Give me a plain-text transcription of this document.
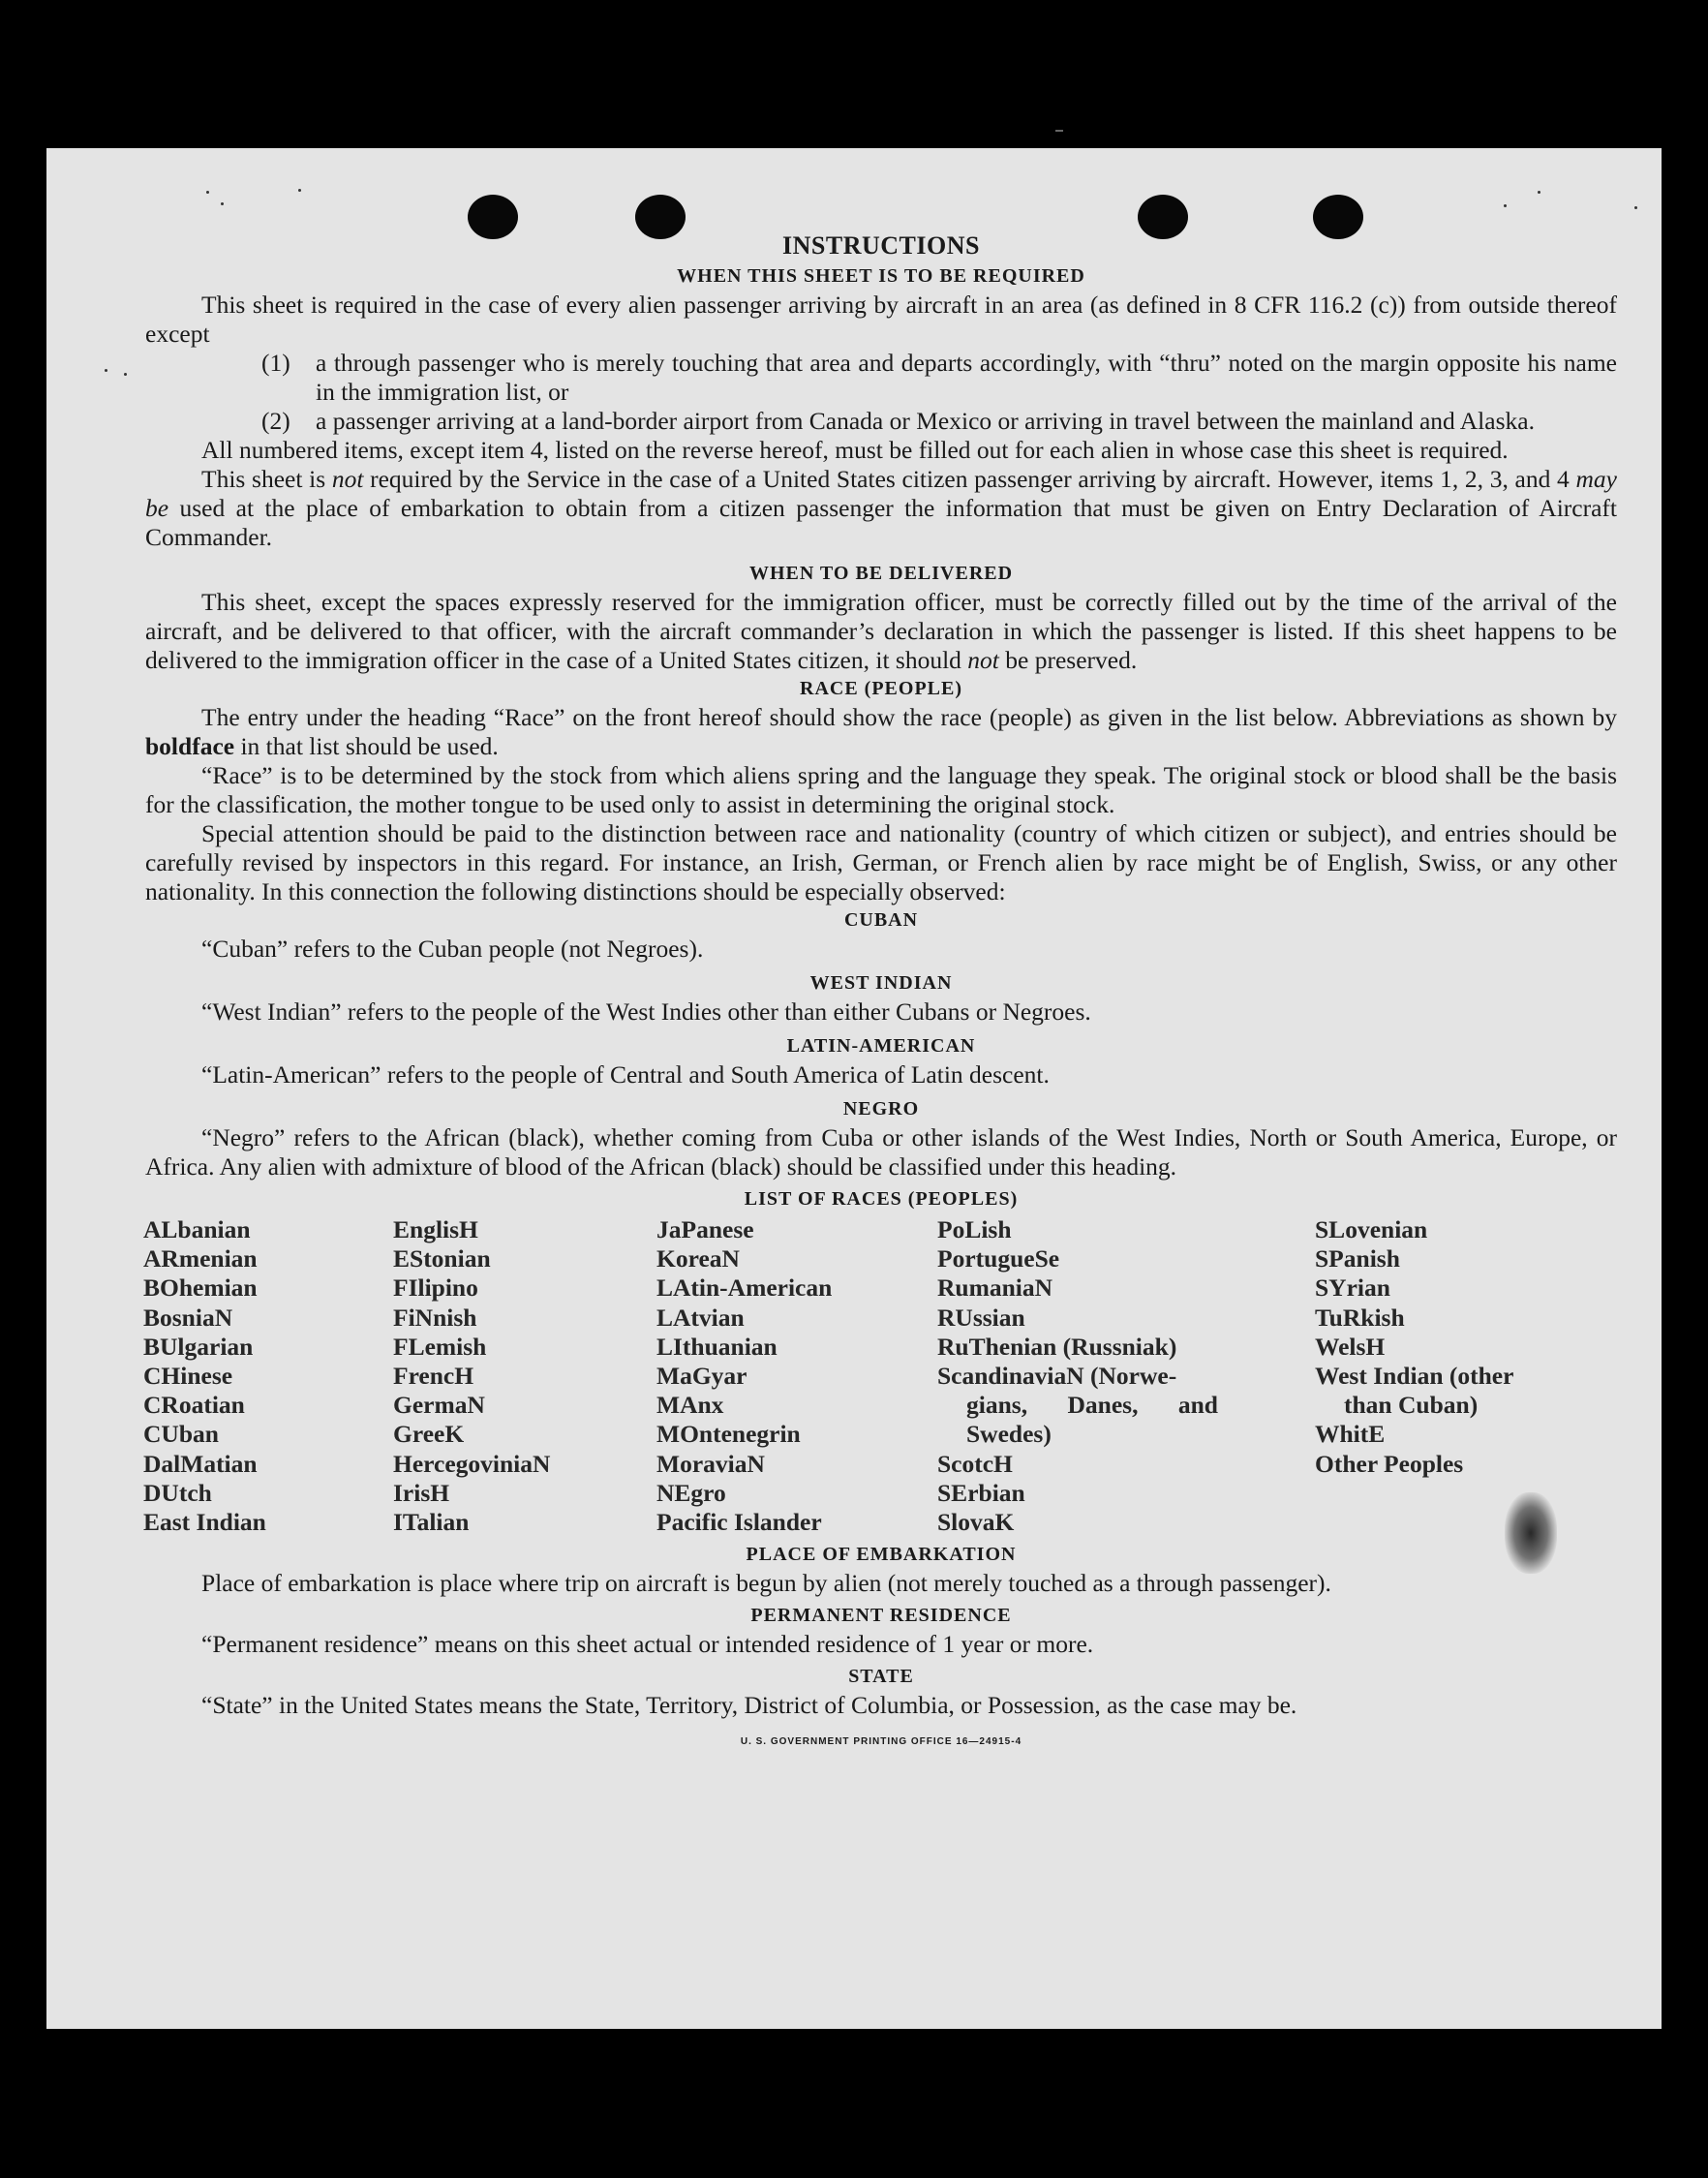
INSTRUCTIONS
WHEN THIS SHEET IS TO BE REQUIRED

This sheet is required in the case of every alien passenger arriving by aircraft in an area (as defined in 8 CFR 116.2 (c)) from outside thereof except

(1) a through passenger who is merely touching that area and departs accordingly, with “thru” noted on the margin opposite his name in the immigration list, or

(2) a passenger arriving at a land-border airport from Canada or Mexico or arriving in travel between the mainland and Alaska.

All numbered items, except item 4, listed on the reverse hereof, must be filled out for each alien in whose case this sheet is required.

This sheet is not required by the Service in the case of a United States citizen passenger arriving by aircraft. However, items 1, 2, 3, and 4 may be used at the place of embarkation to obtain from a citizen passenger the information that must be given on Entry Declaration of Aircraft Commander.

WHEN TO BE DELIVERED

This sheet, except the spaces expressly reserved for the immigration officer, must be correctly filled out by the time of the arrival of the aircraft, and be delivered to that officer, with the aircraft commander’s declaration in which the passenger is listed. If this sheet happens to be delivered to the immigration officer in the case of a United States citizen, it should not be preserved.

RACE (PEOPLE)

The entry under the heading “Race” on the front hereof should show the race (people) as given in the list below. Abbreviations as shown by boldface in that list should be used.

“Race” is to be determined by the stock from which aliens spring and the language they speak. The original stock or blood shall be the basis for the classification, the mother tongue to be used only to assist in determining the original stock.

Special attention should be paid to the distinction between race and nationality (country of which citizen or subject), and entries should be carefully revised by inspectors in this regard. For instance, an Irish, German, or French alien by race might be of English, Swiss, or any other nationality. In this connection the following distinctions should be especially observed:

CUBAN

“Cuban” refers to the Cuban people (not Negroes).

WEST INDIAN

“West Indian” refers to the people of the West Indies other than either Cubans or Negroes.

LATIN-AMERICAN

“Latin-American” refers to the people of Central and South America of Latin descent.

NEGRO

“Negro” refers to the African (black), whether coming from Cuba or other islands of the West Indies, North or South America, Europe, or Africa. Any alien with admixture of blood of the African (black) should be classified under this heading.

LIST OF RACES (PEOPLES)
ALbanian
ARmenian
BOhemian
BosniaN
BUlgarian
CHinese
CRoatian
CUban
DalMatian
DUtch
East Indian
EnglisH
EStonian
FIlipino
FiNnish
FLemish
FrencH
GermaN
GreeK
HercegoviniaN
IrisH
ITalian
JaPanese
KoreaN
LAtin-American
LAtvian
LIthuanian
MaGyar
MAnx
MOntenegrin
MoraviaN
NEgro
Pacific Islander
PoLish
PortugueSe
RumaniaN
RUssian
RuThenian (Russniak)
ScandinaviaN (Norwe-
gians, Danes, and
Swedes)
ScotcH
SErbian
SlovaK
SLovenian
SPanish
SYrian
TuRkish
WelsH
West Indian (other
than Cuban)
WhitE
Other Peoples
PLACE OF EMBARKATION

Place of embarkation is place where trip on aircraft is begun by alien (not merely touched as a through passenger).

PERMANENT RESIDENCE

“Permanent residence” means on this sheet actual or intended residence of 1 year or more.

STATE

“State” in the United States means the State, Territory, District of Columbia, or Possession, as the case may be.

U. S. GOVERNMENT PRINTING OFFICE 16—24915-4
